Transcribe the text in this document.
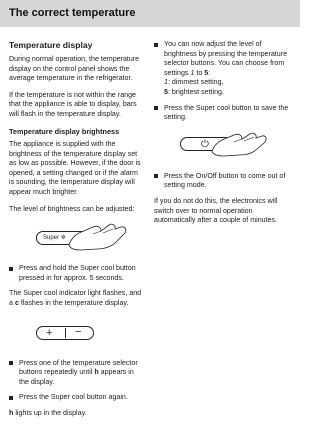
The correct temperature
Temperature display

During normal operation, the temperature display on the control panel shows the average temperature in the refrigerator.

If the temperature is not within the range that the appliance is able to display, bars will flash in the temperature display.

Temperature display brightness

The appliance is supplied with the brightness of the temperature display set as low as possible. However, if the door is opened, a setting changed or if the alarm is sounding, the temperature display will appear much brighter.

The level of brightness can be adjusted:

Super ✲
Press and hold the Super cool button pressed in for approx. 5 seconds.

The Super cool indicator light flashes, and a c flashes in the temperature display.

+ −
Press one of the temperature selector buttons repeatedly until h appears in the display.
Press the Super cool button again.

h lights up in the display.

You can now adjust the level of brightness by pressing the temperature selector buttons. You can choose from settings 1 to 5:
1: dimmest setting,
5: brightest setting.
Press the Super cool button to save the setting.
⏻
Press the On/Off button to come out of setting mode.

If you do not do this, the electronics will switch over to normal operation automatically after a couple of minutes.
